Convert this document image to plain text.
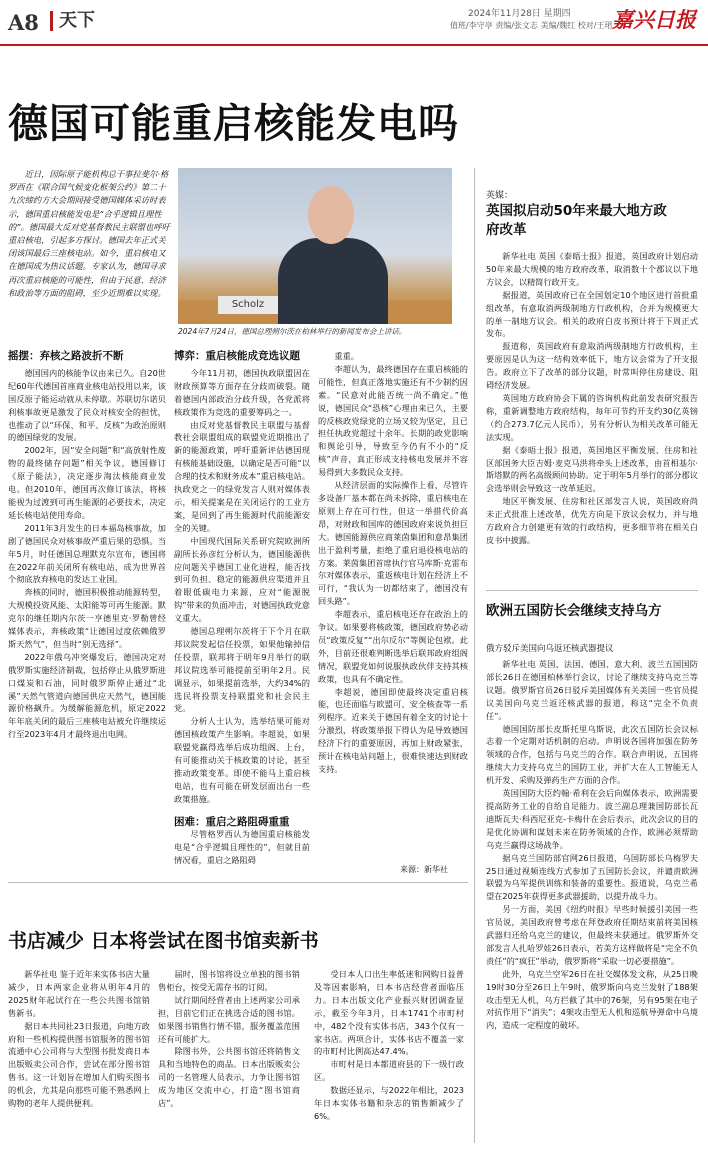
A8	天下	2024年11月28日 星期四
值班/李守亭 责编/张文志 美编/魏红 校对/王珺 嘉兴日报
德国可能重启核能发电吗

近日，因际原子能机构总干事拉斐尔·格罗西在《联合国气候变化框架公约》第二十九次缔约方大会期间接受德国媒体采访时表示，德国重启核能发电是“合乎逻辑且理性的”。德国最大反对党基督教民主联盟也呼吁重启核电，引起多方探讨。德国去年正式关闭该国最后三座核电站。如今，重启核电又在德国成为热议话题。专家认为，德国寻求再次重启核能的可能性，但由于民意、经济和政治等方面的阻碍，至少近期难以实现。

Scholz
2024年7月24日，德国总理朔尔茨在柏林举行的新闻发布会上讲话。
摇摆：弃核之路波折不断

德国国内的核能争议由来已久。自20世纪60年代德国首座商业核电站投用以来，该国反原子能运动就从未停歇。苏联切尔诺贝利核事故更是激发了民众对核安全的担忧，也推动了以“环保、和平、反核”为政治原则的德国绿党的发展。

2002年，因“安全问题”和“高放射性废物的最终储存问题”相关争议，德国修订《原子能法》，决定逐步淘汰核能商业发电。但2010年，德国再次修订该法，将核能视为过渡到可再生能源的必要技术，决定延长核电站使用寿命。

2011年3月发生的日本福岛核事故，加剧了德国民众对核事故严重后果的恐惧。当年5月，时任德国总理默克尔宣布，德国将在2022年前关闭所有核电站，成为世界首个彻底放弃核电的发达工业国。

奔核的同时，德国积极推动能源转型，大规模投资风能、太阳能等可再生能源。默克尔的继任期内尔茨一亨德里克·罗勒曾经媒体表示，奔核政策“让德国过度依赖俄罗斯天然气”，但当时“别无选择”。

2022年俄乌冲突爆发后，德国决定对俄罗斯实施经济制裁，包括停止从俄罗斯进口煤炭和石油，同时俄罗斯停止通过“北溪”天然气管道向德国供应天然气，德国能源价格飙升。为缓解能源危机，原定2022年年底关闭的最后三座核电站被允许继续运行至2023年4月才最终退出电网。

博弈：重启核能成竞选议题

今年11月初，德国执政联盟因在财政预算等方面存在分歧而破裂。随着德国内部政治分歧升级，各党派将核政策作为竞选的重要筹码之一。

由反对党基督教民主联盟与基督教社会联盟组成的联盟党近期推出了新的能源政策，呼吁重新评估德国现有核能基础设施，以确定是否可能“以合理的技术和财务成本”重启核电站。执政党之一的绿党发言人则对媒体表示，相关提案是在关闭运行的工业方案，是回到了再生能源时代前能源安全的关键。

中国现代国际关系研究院欧洲所副所长孙彦红分析认为，德国能源供应问题关乎德国工业化进程，能否找到可负担、稳定的能源供应渠道并且着眼低碳电力来源，应对“能源脱钩”带来的负面冲击，对德国执政党意义重大。

德国总理朔尔茨将于下个月在联邦议院发起信任投票，如果他输掉信任投票，联邦将于明年9月举行的联邦议院选举可能提前至明年2月。民调显示，如果提前选举，大约34%的选民将投票支持联盟党和社会民主党。

分析人士认为，选举结果可能对德国核政策产生影响。李超说，如果联盟党赢得选举后成功组阁、上台，有可能推动关于核政策的讨论，甚至推动政策变革。即使不能马上重启核电站，也有可能在研发层面出台一些政策措施。

困难：重启之路阻碍重重

尽管格罗西认为德国重启核能发电是“合乎逻辑且理性的”，但就目前情况看，重启之路阻碍

重重。

李超认为，最终德国存在重启核能的可能性，但真正落地实施还有不少制约因素。“民意对此能否统一尚不确定。”他说，德国民众“恐核”心理由来已久，主要的反核政党绿党的立场又较为坚定，且已担任执政党超过十余年。长期的政党影响和舆论引导，导致至今仍有不小的“反核”声音，真正形成支持核电发展并不容易得到大多数民众支持。

从经济层面的实际操作上看，尽管许多设备厂基本都在尚未拆除，重启核电在原则上存在可行性，但这一举措代价高昂，对财政和国库的德国政府来说负担巨大。德国能源供应商莱茵集团和意昂集团出于盈利考量，拒绝了重启退役核电站的方案。莱茵集团首席执行官马库斯·克雷布尔对媒体表示，重返核电计划在经济上不可行，“我认为一切都结束了，德国没有回头路”。

李超表示，重启核电还存在政治上的争议。如果要将核政策，德国政府势必动员“政策反复”“出尔反尔”等舆论包袱。此外，目前还很难判断选举后联邦政府组阁情况，联盟党如何说服执政伙伴支持其核政策，也具有不确定性。

李超说，德国即使最终决定重启核能，也还面临与欧盟可、安全核查等一系列程序。近来关于德国有着全支的讨论十分激烈，将政策举报下得认为是导致德国经济下行的重要原因，再加上财政紧张，预计在核电站问题上，很难快速达到财政支持。

来源：新华社
书店减少 日本将尝试在图书馆卖新书

新华社电 鉴于近年来实体书店大量减少，日本两家企业将从明年4月的2025财年起试行在一些公共图书馆销售新书。

据日本共同社23日报道，向地方政府和一些机构提供图书馆服务的图书馆流通中心公司将与大型图书批发商日本出版贩卖公司合作，尝试在部分图书馆售书。这一计划旨在增加人们购买图书的机会，尤其是向那些可能不熟悉网上购物的老年人提供便利。

届时，图书馆将设立单独的图书销售柜台，按受无需存书的订阅。

试行期间经营者由上述两家公司承担，目前它们正在挑选合适的图书馆。如果图书销售行情不错，服务覆盖范围还有可能扩大。

除图书外，公共图书馆还将销售文具和当地特色的商品。日本出版贩卖公司的一名管理人员表示，力争让图书馆成为地区交流中心，打造“图书馆商店”。

受日本人口出生率低迷和网购日益普及等因素影响，日本书店经营者面临压力。日本出版文化产业振兴财团调查显示，截至今年3月，日本1741个市町村中，482个没有实体书店，343个仅有一家书店。两项合计，实体书店不覆盖一家的市町村比例高达47.4%。

市町村是日本都道府县的下一级行政区。

数据还显示，与2022年相比，2023年日本实体书籍和杂志的销售额减少了6%。

英媒：
英国拟启动50年来最大地方政府改革

新华社电 英国《泰晤士报》报道，英国政府计划启动50年来最大规模的地方政府改革，取消数十个郡议以下地方议会，以精简行政开支。

据报道，英国政府已在全国划定10个地区进行首批重组改革，有意取消两级制地方行政机构，合并为规模更大的单一制地方议会。相关的政府白皮书预计将于下周正式发布。

报道称，英国政府有意取消两级制地方行政机构，主要原因是认为这一结构效率低下，地方议会常为了开支报告。政府立下了改革的部分议题，时常叫停住房建设、阻碍经济发展。

英国地方政府协会下属的咨询机构此前发表研究报告称，重新调整地方政府结构，每年可节约开支约30亿英镑（约合273.7亿元人民币），另有分析认为相关改革可能无法实现。

据《泰晤士报》报道，英国地区平衡发展、住房和社区部国务大臣吉姆·麦克马洪将牵头上述改革，由首相基尔·斯塔默的两名高级顾问协助。定于明年5月举行的部分郡议会选举则会导致这一改革延迟。

地区平衡发展、住房和社区部发言人说，英国政府尚未正式批准上述改革，优先方向是下放议会权力，并与地方政府合力创建更有效的行政结构，更多细节将在相关白皮书中披露。

欧洲五国防长会继续支持乌方
俄方驳斥美国向乌返还核武器提议

新华社电 英国、法国、德国、意大利、波兰五国国防部长26日在德国柏林举行会议，讨论了继续支持乌克兰等议题。俄罗斯官员26日驳斥美国媒体有关美国一些官员提议美国向乌克兰返还核武器的报道，称这“完全不负责任”。

德国国防部长皮斯托里乌斯说，此次五国防长会议标志着一个定期对话机制的启动。声明说各国将加强在防务领域的合作，包括与乌克兰的合作。联合声明说，五国将继续大力支持乌克兰的国防工业，并扩大在人工智能无人机开发、采购及弹药生产方面的合作。

英国国防大臣约翰·希利在会后向媒体表示，欧洲需要提高防务工业的自给自足能力。波兰副总理兼国防部长瓦迪斯瓦夫·科西尼亚克-卡梅什在会后表示，此次会议的目的是优化协调和谋划未来在防务领域的合作，欧洲必须帮助乌克兰赢得这场战争。

据乌克兰国防部官网26日报道，乌国防部长乌梅罗夫25日通过视频连线方式参加了五国防长会议，并谴责欧洲联盟为乌军提供训练和装备的重要性。报道说，乌克兰希望在2025年获得更多武器援助，以提升战斗力。

另一方面，美国《纽约时报》早些时候援引美国一些官员说，美国政府曾考虑在拜登政府任期结束前将美国核武器归还给乌克兰的建议，但最终未获通过。俄罗斯外交部发言人扎哈罗娃26日表示，若美方这样做将是“完全不负责任”的“疯狂”举动，俄罗斯将“采取一切必要措施”。

此外，乌克兰空军26日在社交媒体发文称，从25日晚19时30分至26日上午9时，俄罗斯向乌克兰发射了188架攻击型无人机，乌方拦截了其中的76架，另有95架在电子对抗作用下“消失”；4架攻击型无人机和巡航导弹命中乌境内，造成一定程度的破坏。
